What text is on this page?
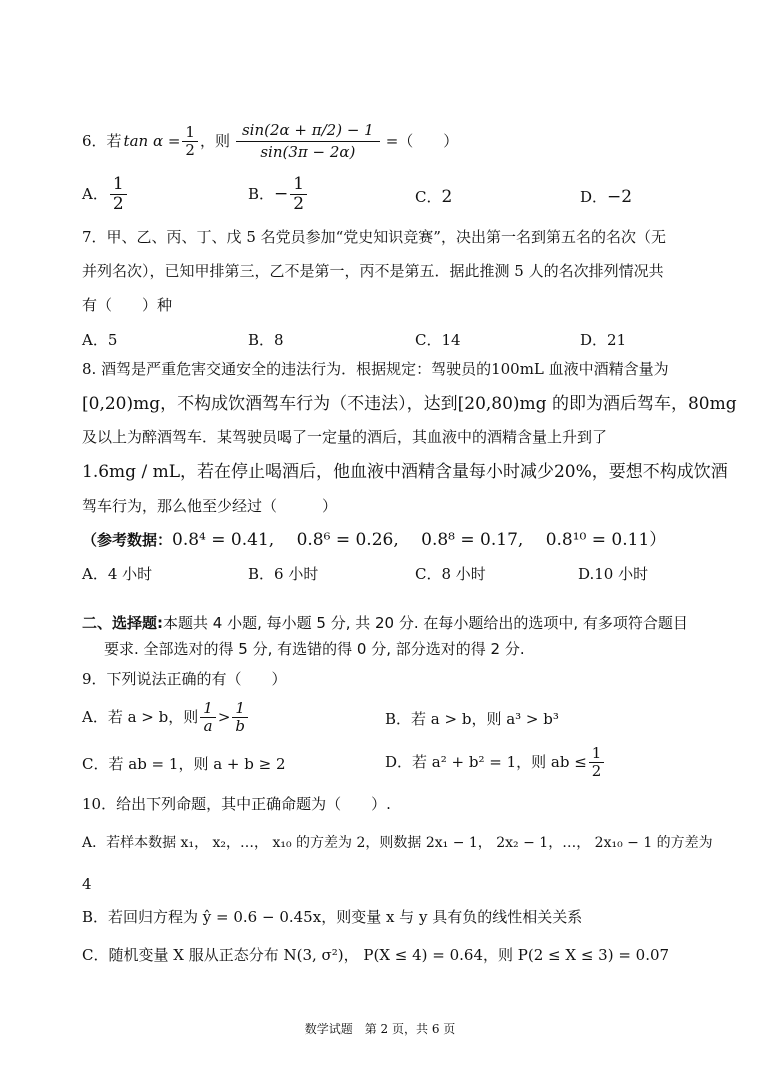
6．若 $\tan \alpha = \frac{1}{2}$ ，则 $\frac{\sin(2\alpha + \pi/2) - 1}{\sin(3\pi - 2\alpha)}$ =（　　）
A． $\frac{1}{2}$	B． − $\frac{1}{2}$	C．2	D．−2
7．甲、乙、丙、丁、戊 5 名党员参加“党史知识竞赛”，决出第一名到第五名的名次（无
并列名次），已知甲排第三，乙不是第一，丙不是第五．据此推测 5 人的名次排列情况共
有（　　）种
A．5	B．8	C．14	D．21
8. 酒驾是严重危害交通安全的违法行为．根据规定：驾驶员的100mL 血液中酒精含量为
[0,20)mg，不构成饮酒驾车行为（不违法），达到[20,80)mg 的即为酒后驾车，80mg
及以上为醉酒驾车．某驾驶员喝了一定量的酒后，其血液中的酒精含量上升到了
1.6mg / mL，若在停止喝酒后，他血液中酒精含量每小时减少20%，要想不构成饮酒
驾车行为，那么他至少经过（　　　）
（参考数据：0.8⁴ = 0.41,　 0.8⁶ = 0.26,　 0.8⁸ = 0.17,　 0.8¹⁰ = 0.11）
A．4 小时	B．6 小时	C．8 小时	D.10 小时
二、选择题:本题共 4 小题, 每小题 5 分, 共 20 分. 在每小题给出的选项中, 有多项符合题目
要求. 全部选对的得 5 分, 有选错的得 0 分, 部分选对的得 2 分.
9．下列说法正确的有（　　）
A．若 a > b，则 $\frac{1}{a} > \frac{1}{b}$	B．若 a > b，则 a³ > b³
C．若 ab = 1，则 a + b ≥ 2	D．若 a² + b² = 1，则 ab ≤ $\frac{1}{2}$
10．给出下列命题，其中正确命题为（　　）.
A．若样本数据 x₁， x₂，…， x₁₀ 的方差为 2，则数据 2x₁ − 1， 2x₂ − 1，…， 2x₁₀ − 1 的方差为
4
B．若回归方程为 ŷ = 0.6 − 0.45x，则变量 x 与 y 具有负的线性相关关系
C．随机变量 X 服从正态分布 N(3, σ²)， P(X ≤ 4) = 0.64，则 P(2 ≤ X ≤ 3) = 0.07
数学试题　第 2 页，共 6 页
